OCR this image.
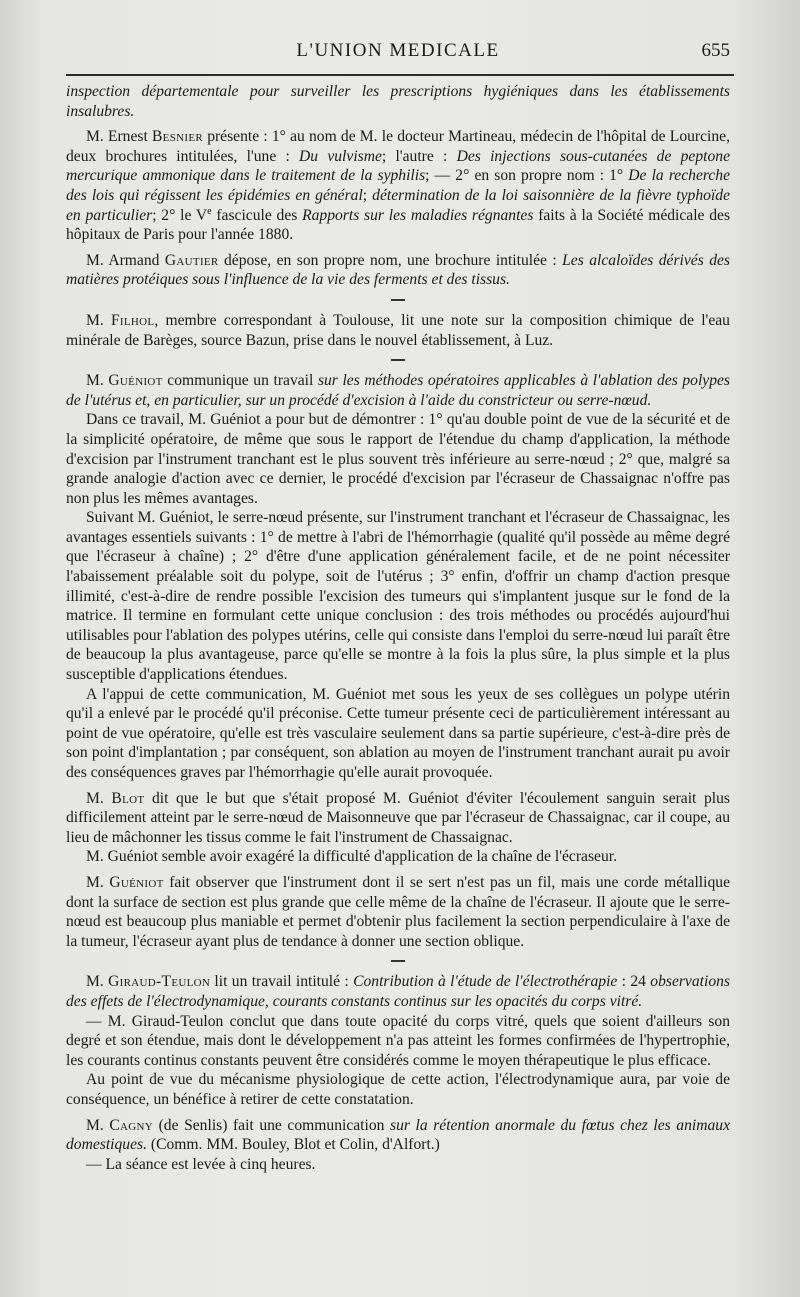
L'UNION MEDICALE	655

inspection départementale pour surveiller les prescriptions hygiéniques dans les établissements insalubres.

M. Ernest Besnier présente : 1° au nom de M. le docteur Martineau, médecin de l'hôpital de Lourcine, deux brochures intitulées, l'une : Du vulvisme; l'autre : Des injections sous-cutanées de peptone mercurique ammonique dans le traitement de la syphilis; — 2° en son propre nom : 1° De la recherche des lois qui régissent les épidémies en général; détermination de la loi saisonnière de la fièvre typhoïde en particulier; 2° le Ve fascicule des Rapports sur les maladies régnantes faits à la Société médicale des hôpitaux de Paris pour l'année 1880.

M. Armand Gautier dépose, en son propre nom, une brochure intitulée : Les alcaloïdes dérivés des matières protéiques sous l'influence de la vie des ferments et des tissus.

M. Filhol, membre correspondant à Toulouse, lit une note sur la composition chimique de l'eau minérale de Barèges, source Bazun, prise dans le nouvel établissement, à Luz.

M. Guéniot communique un travail sur les méthodes opératoires applicables à l'ablation des polypes de l'utérus et, en particulier, sur un procédé d'excision à l'aide du constricteur ou serre-nœud.

Dans ce travail, M. Guéniot a pour but de démontrer : 1° qu'au double point de vue de la sécurité et de la simplicité opératoire, de même que sous le rapport de l'étendue du champ d'application, la méthode d'excision par l'instrument tranchant est le plus souvent très inférieure au serre-nœud ; 2° que, malgré sa grande analogie d'action avec ce dernier, le procédé d'excision par l'écraseur de Chassaignac n'offre pas non plus les mêmes avantages.

Suivant M. Guéniot, le serre-nœud présente, sur l'instrument tranchant et l'écraseur de Chassaignac, les avantages essentiels suivants : 1° de mettre à l'abri de l'hémorrhagie (qualité qu'il possède au même degré que l'écraseur à chaîne) ; 2° d'être d'une application généralement facile, et de ne point nécessiter l'abaissement préalable soit du polype, soit de l'utérus ; 3° enfin, d'offrir un champ d'action presque illimité, c'est-à-dire de rendre possible l'excision des tumeurs qui s'implantent jusque sur le fond de la matrice. Il termine en formulant cette unique conclusion : des trois méthodes ou procédés aujourd'hui utilisables pour l'ablation des polypes utérins, celle qui consiste dans l'emploi du serre-nœud lui paraît être de beaucoup la plus avantageuse, parce qu'elle se montre à la fois la plus sûre, la plus simple et la plus susceptible d'applications étendues.

A l'appui de cette communication, M. Guéniot met sous les yeux de ses collègues un polype utérin qu'il a enlevé par le procédé qu'il préconise. Cette tumeur présente ceci de particulièrement intéressant au point de vue opératoire, qu'elle est très vasculaire seulement dans sa partie supérieure, c'est-à-dire près de son point d'implantation ; par conséquent, son ablation au moyen de l'instrument tranchant aurait pu avoir des conséquences graves par l'hémorrhagie qu'elle aurait provoquée.

M. Blot dit que le but que s'était proposé M. Guéniot d'éviter l'écoulement sanguin serait plus difficilement atteint par le serre-nœud de Maisonneuve que par l'écraseur de Chassaignac, car il coupe, au lieu de mâchonner les tissus comme le fait l'instrument de Chassaignac.

M. Guéniot semble avoir exagéré la difficulté d'application de la chaîne de l'écraseur.

M. Guéniot fait observer que l'instrument dont il se sert n'est pas un fil, mais une corde métallique dont la surface de section est plus grande que celle même de la chaîne de l'écraseur. Il ajoute que le serre-nœud est beaucoup plus maniable et permet d'obtenir plus facilement la section perpendiculaire à l'axe de la tumeur, l'écraseur ayant plus de tendance à donner une section oblique.

M. Giraud-Teulon lit un travail intitulé : Contribution à l'étude de l'électrothérapie : 24 observations des effets de l'électrodynamique, courants constants continus sur les opacités du corps vitré.

— M. Giraud-Teulon conclut que dans toute opacité du corps vitré, quels que soient d'ailleurs son degré et son étendue, mais dont le développement n'a pas atteint les formes confirmées de l'hypertrophie, les courants continus constants peuvent être considérés comme le moyen thérapeutique le plus efficace.

Au point de vue du mécanisme physiologique de cette action, l'électrodynamique aura, par voie de conséquence, un bénéfice à retirer de cette constatation.

M. Cagny (de Senlis) fait une communication sur la rétention anormale du fœtus chez les animaux domestiques. (Comm. MM. Bouley, Blot et Colin, d'Alfort.)

— La séance est levée à cinq heures.
